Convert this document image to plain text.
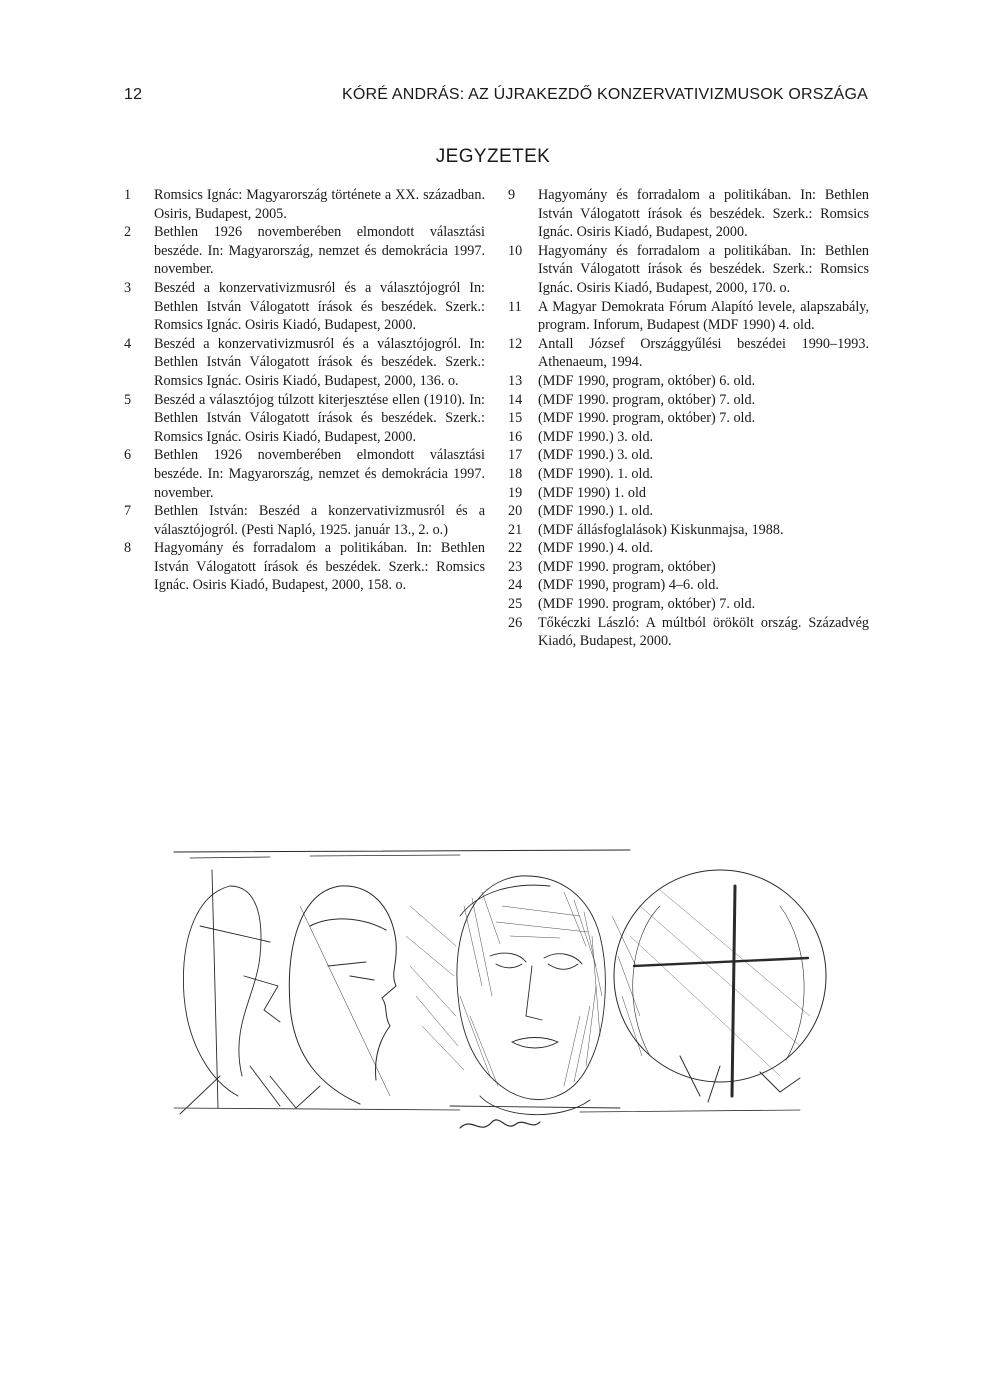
12	KÓRÉ ANDRÁS: AZ ÚJRAKEZDŐ KONZERVATIVIZMUSOK ORSZÁGA
JEGYZETEK
1	Romsics Ignác: Magyarország története a XX. században. Osiris, Budapest, 2005.
2	Bethlen 1926 novemberében elmondott választási beszéde. In: Magyarország, nemzet és demokrácia 1997. november.
3	Beszéd a konzervativizmusról és a választójogról In: Bethlen István Válogatott írások és beszédek. Szerk.: Romsics Ignác. Osiris Kiadó, Budapest, 2000.
4	Beszéd a konzervativizmusról és a választójogról. In: Bethlen István Válogatott írások és beszédek. Szerk.: Romsics Ignác. Osiris Kiadó, Budapest, 2000, 136. o.
5	Beszéd a választójog túlzott kiterjesztése ellen (1910). In: Bethlen István Válogatott írások és beszédek. Szerk.: Romsics Ignác. Osiris Kiadó, Budapest, 2000.
6	Bethlen 1926 novemberében elmondott választási beszéde. In: Magyarország, nemzet és demokrácia 1997. november.
7	Bethlen István: Beszéd a konzervativizmusról és a választójogról. (Pesti Napló, 1925. január 13., 2. o.)
8	Hagyomány és forradalom a politikában. In: Bethlen István Válogatott írások és beszédek. Szerk.: Romsics Ignác. Osiris Kiadó, Budapest, 2000, 158. o.
9	Hagyomány és forradalom a politikában. In: Bethlen István Válogatott írások és beszédek. Szerk.: Romsics Ignác. Osiris Kiadó, Budapest, 2000.
10	Hagyomány és forradalom a politikában. In: Bethlen István Válogatott írások és beszédek. Szerk.: Romsics Ignác. Osiris Kiadó, Budapest, 2000, 170. o.
11	A Magyar Demokrata Fórum Alapító levele, alapszabály, program. Inforum, Budapest (MDF 1990) 4. old.
12	Antall József Országgyűlési beszédei 1990–1993. Athenaeum, 1994.
13	(MDF 1990, program, október) 6. old.
14	(MDF 1990. program, október) 7. old.
15	(MDF 1990. program, október) 7. old.
16	(MDF 1990.) 3. old.
17	(MDF 1990.) 3. old.
18	(MDF 1990). 1. old.
19	(MDF 1990) 1. old
20	(MDF 1990.) 1. old.
21	(MDF állásfoglalások) Kiskunmajsa, 1988.
22	(MDF 1990.) 4. old.
23	(MDF 1990. program, október)
24	(MDF 1990, program) 4–6. old.
25	(MDF 1990. program, október) 7. old.
26	Tőkéczki László: A múltból örökölt ország. Századvég Kiadó, Budapest, 2000.
